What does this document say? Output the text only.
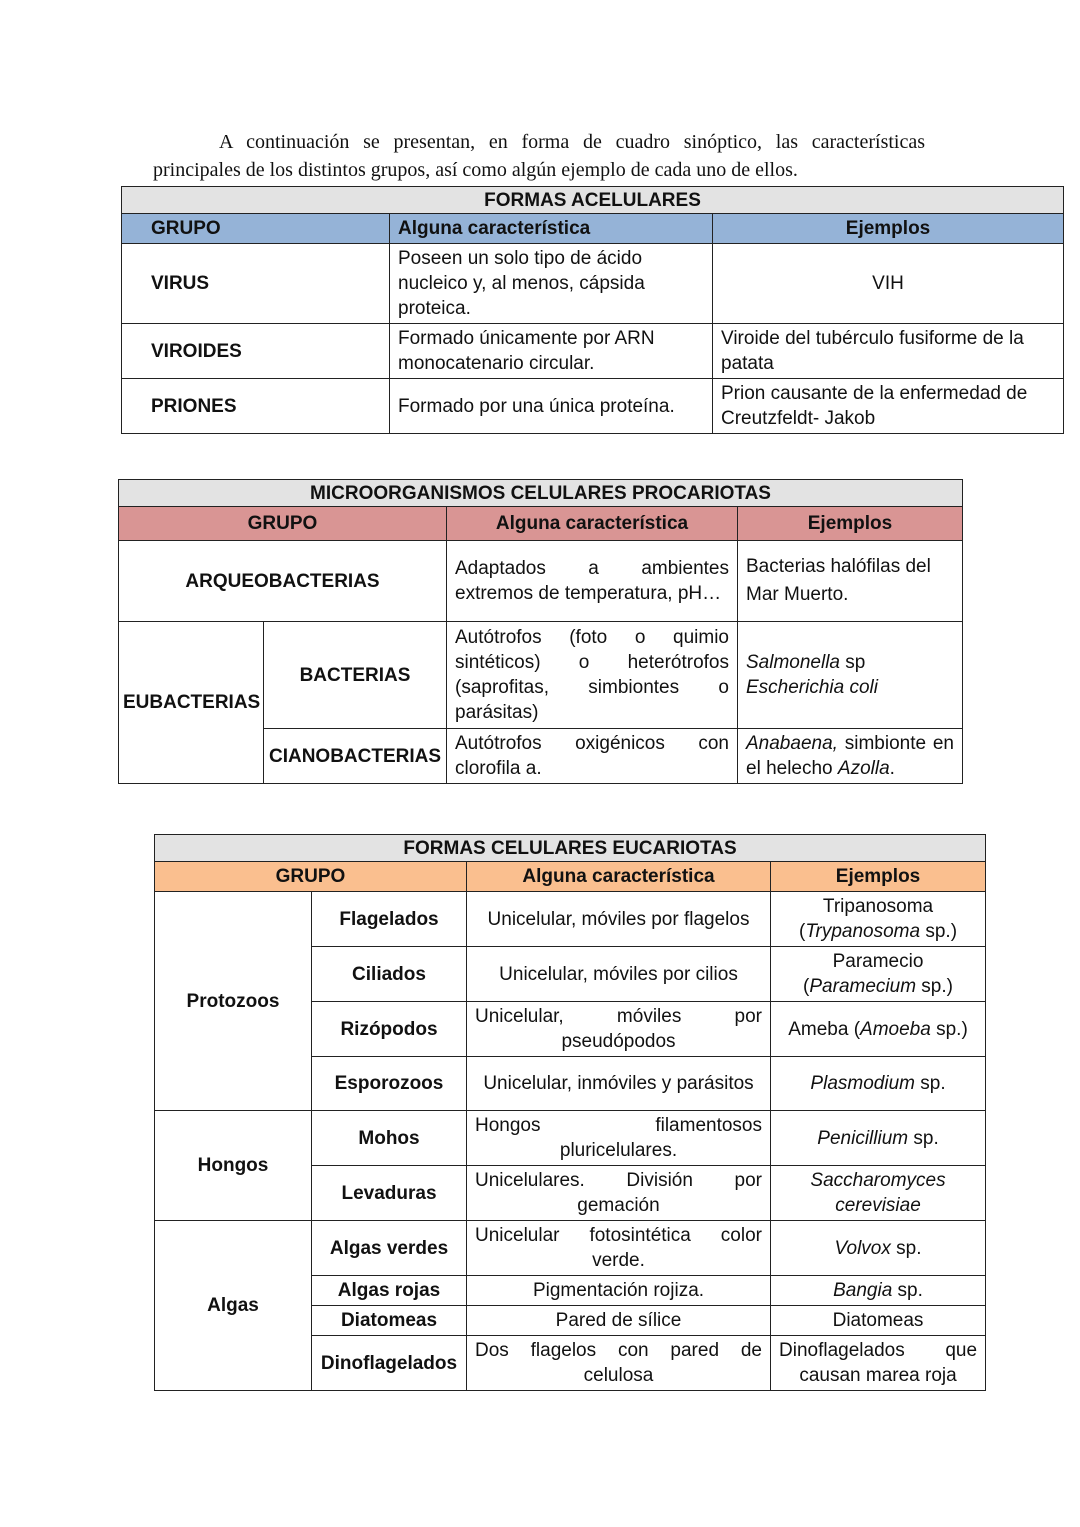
A continuación se presentan, en forma de cuadro sinóptico, las características principales de los distintos grupos, así como algún ejemplo de cada uno de ellos.

FORMAS ACELULARES		
GRUPO	Alguna característica	Ejemplos
VIRUS	Poseen un solo tipo de ácido nucleico y, al menos, cápsida proteica.	VIH
VIROIDES	Formado únicamente por ARN monocatenario circular.	Viroide del tubérculo fusiforme de la patata
PRIONES	Formado por una única proteína.	Prion causante de la enfermedad de Creutzfeldt- Jakob
MICROORGANISMOS CELULARES PROCARIOTAS			
GRUPO		Alguna característica	Ejemplos
ARQUEOBACTERIAS		Adaptados a ambientes extremos de temperatura, pH…	Bacterias halófilas del Mar Muerto.
EUBACTERIAS	BACTERIAS	Autótrofos (foto o quimio sintéticos) o heterótrofos (saprofitas, simbiontes o parásitas)	Salmonella sp
Escherichia coli

	CIANOBACTERIAS	Autótrofos oxigénicos con clorofila a.	Anabaena, simbionte en el helecho Azolla.
FORMAS CELULARES EUCARIOTAS			
GRUPO		Alguna característica	Ejemplos
Protozoos	Flagelados	Unicelular, móviles por flagelos	Tripanosoma
(Trypanosoma sp.)

	Ciliados	Unicelular, móviles por cilios	Paramecio
(Paramecium sp.)

	Rizópodos	Unicelular, móviles por pseudópodos	Ameba (Amoeba sp.)
	Esporozoos	Unicelular, inmóviles y parásitos	Plasmodium sp.
Hongos	Mohos	Hongos filamentosos pluricelulares.	Penicillium sp.
	Levaduras	Unicelulares. División por gemación	Saccharomyces cerevisiae
Algas	Algas verdes	Unicelular fotosintética color verde.	Volvox sp.
	Algas rojas	Pigmentación rojiza.	Bangia sp.
	Diatomeas	Pared de sílice	Diatomeas
	Dinoflagelados	Dos flagelos con pared de celulosa	Dinoflagelados que causan marea roja
